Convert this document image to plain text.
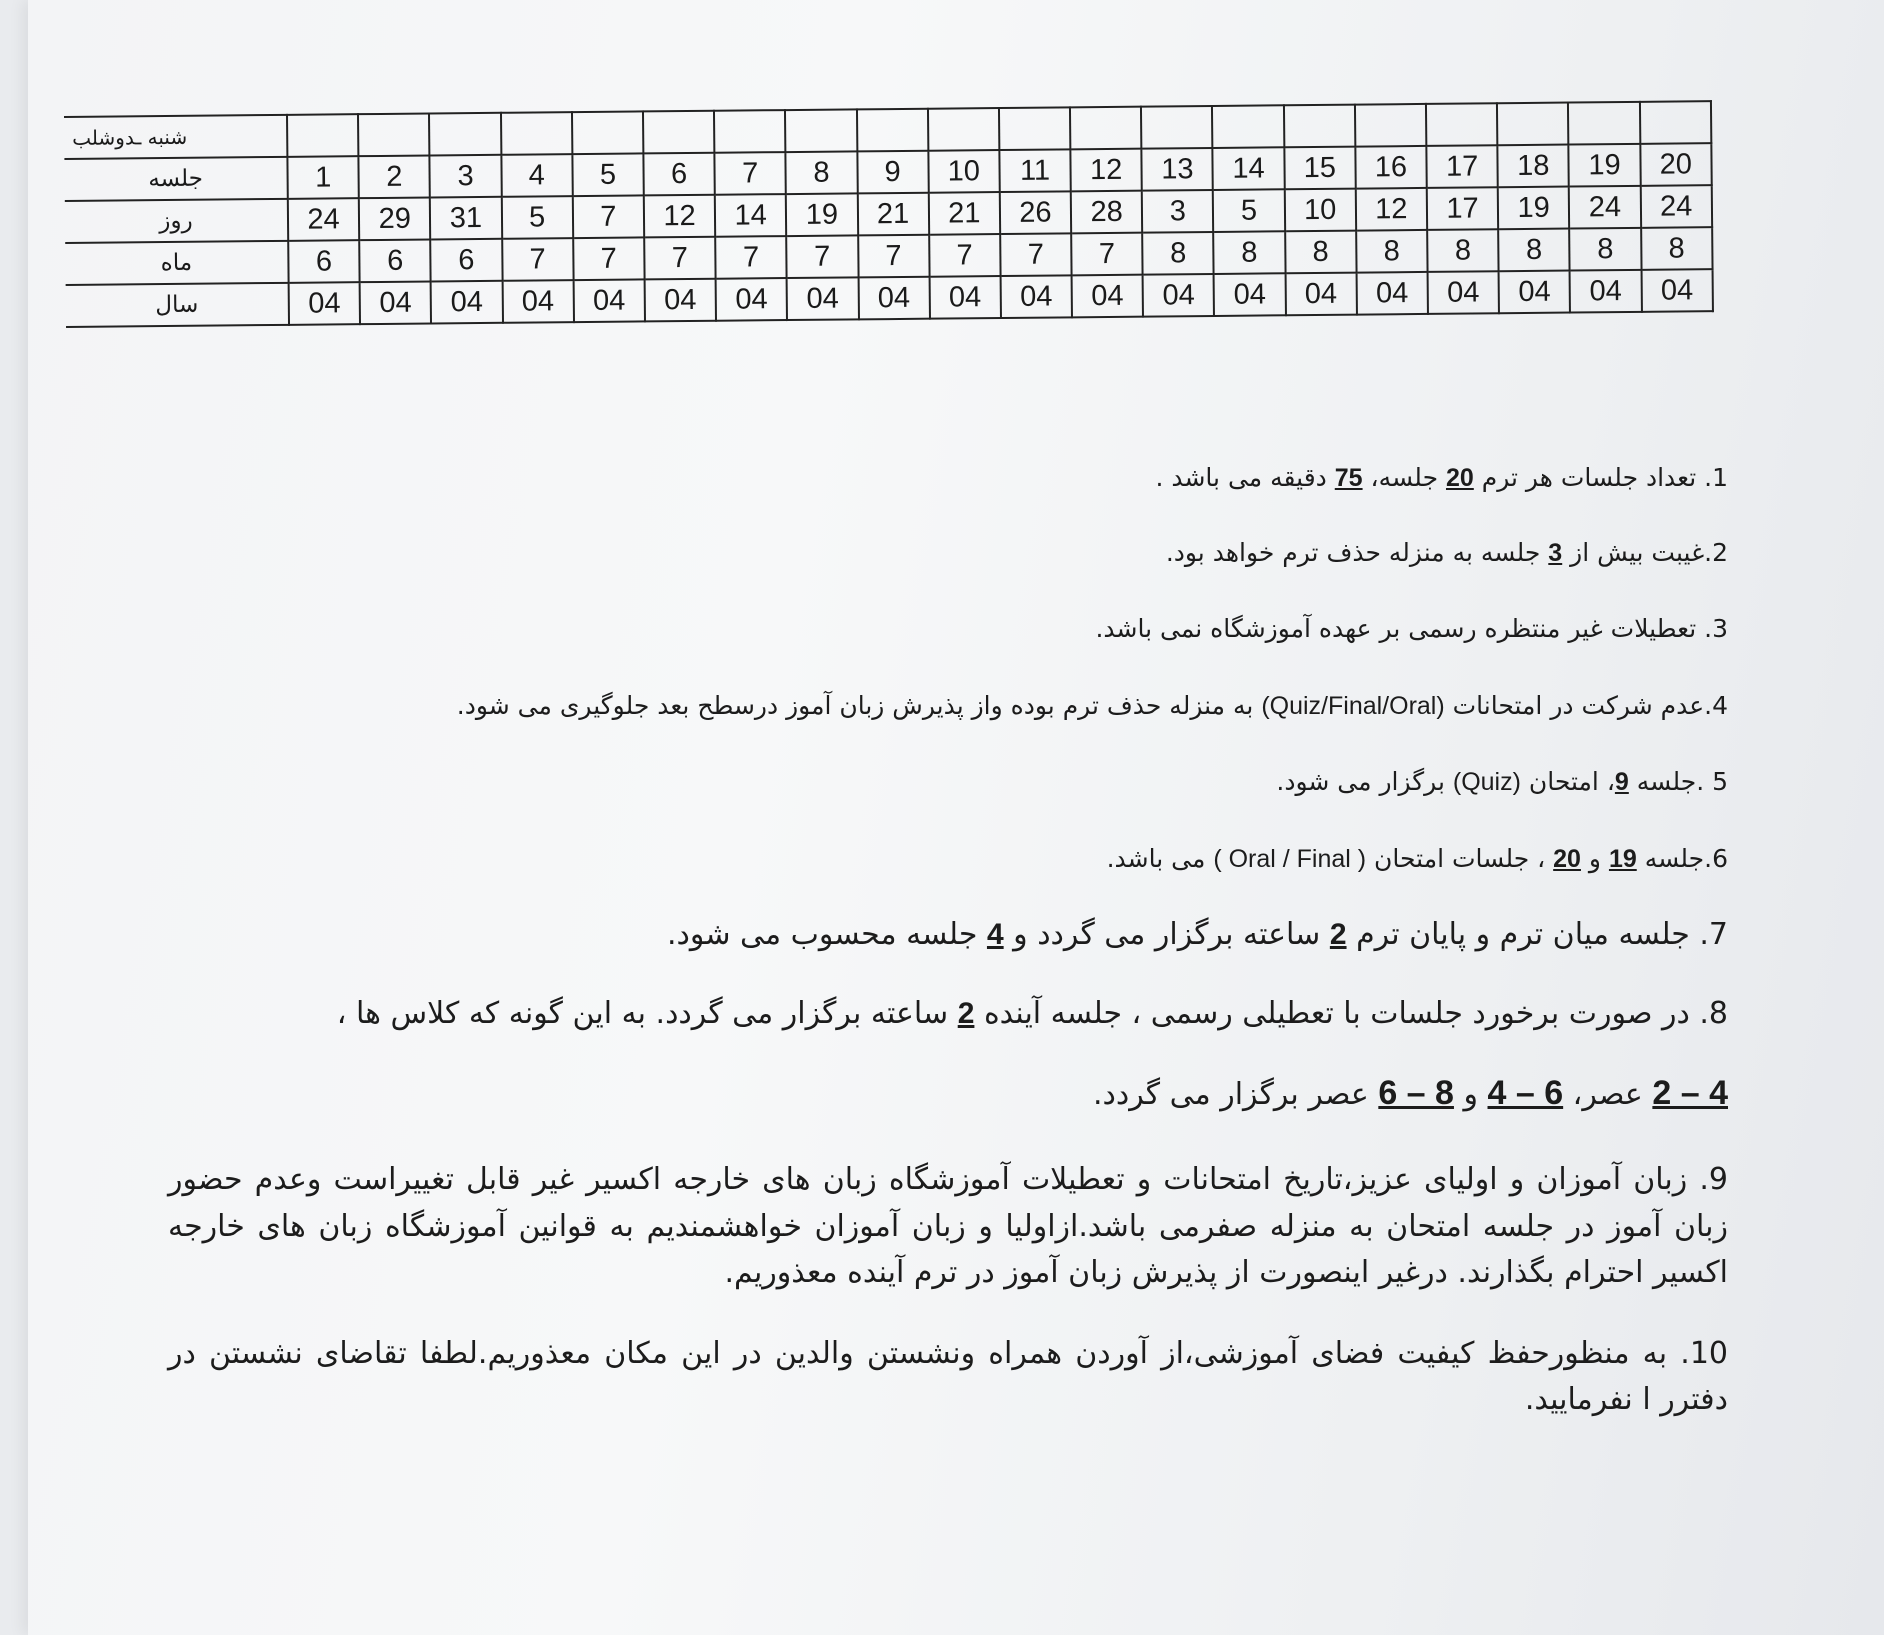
شنبه ـدوشلب																				
جلسه	1	2	3	4	5	6	7	8	9	10	11	12	13	14	15	16	17	18	19	20
روز	24	29	31	5	7	12	14	19	21	21	26	28	3	5	10	12	17	19	24	24
ماه	6	6	6	7	7	7	7	7	7	7	7	7	8	8	8	8	8	8	8	8
سال	04	04	04	04	04	04	04	04	04	04	04	04	04	04	04	04	04	04	04	04

1. تعداد جلسات هر ترم 20 جلسه، 75 دقیقه می باشد .

2.غیبت بیش از 3 جلسه به منزله حذف ترم خواهد بود.

3. تعطیلات غیر منتظره رسمی بر عهده آموزشگاه نمی باشد.

4.عدم شرکت در امتحانات (Quiz/Final/Oral) به منزله حذف ترم بوده واز پذیرش زبان آموز درسطح بعد جلوگیری می شود.

5 .جلسه 9، امتحان (Quiz) برگزار می شود.

6.جلسه 19 و 20 ، جلسات امتحان ( Oral / Final ) می باشد.

7. جلسه میان ترم و پایان ترم 2 ساعته برگزار می گردد و 4 جلسه محسوب می شود.

8. در صورت برخورد جلسات با تعطیلی رسمی ، جلسه آینده 2 ساعته برگزار می گردد. به این گونه که کلاس ها ،

2 – 4 عصر، 4 – 6 و 6 – 8 عصر برگزار می گردد.

9. زبان آموزان و اولیای عزیز،تاریخ امتحانات و تعطیلات آموزشگاه زبان های خارجه اکسیر غیر قابل تغییراست وعدم حضور زبان آموز در جلسه امتحان به منزله صفرمی باشد.ازاولیا و زبان آموزان خواهشمندیم به قوانین آموزشگاه زبان های خارجه اکسیر احترام بگذارند. درغیر اینصورت از پذیرش زبان آموز در ترم آینده معذوریم.

10. به منظورحفظ کیفیت فضای آموزشی،از آوردن همراه ونشستن والدین در این مکان معذوریم.لطفا تقاضای نشستن در دفترر ا نفرمایید.
